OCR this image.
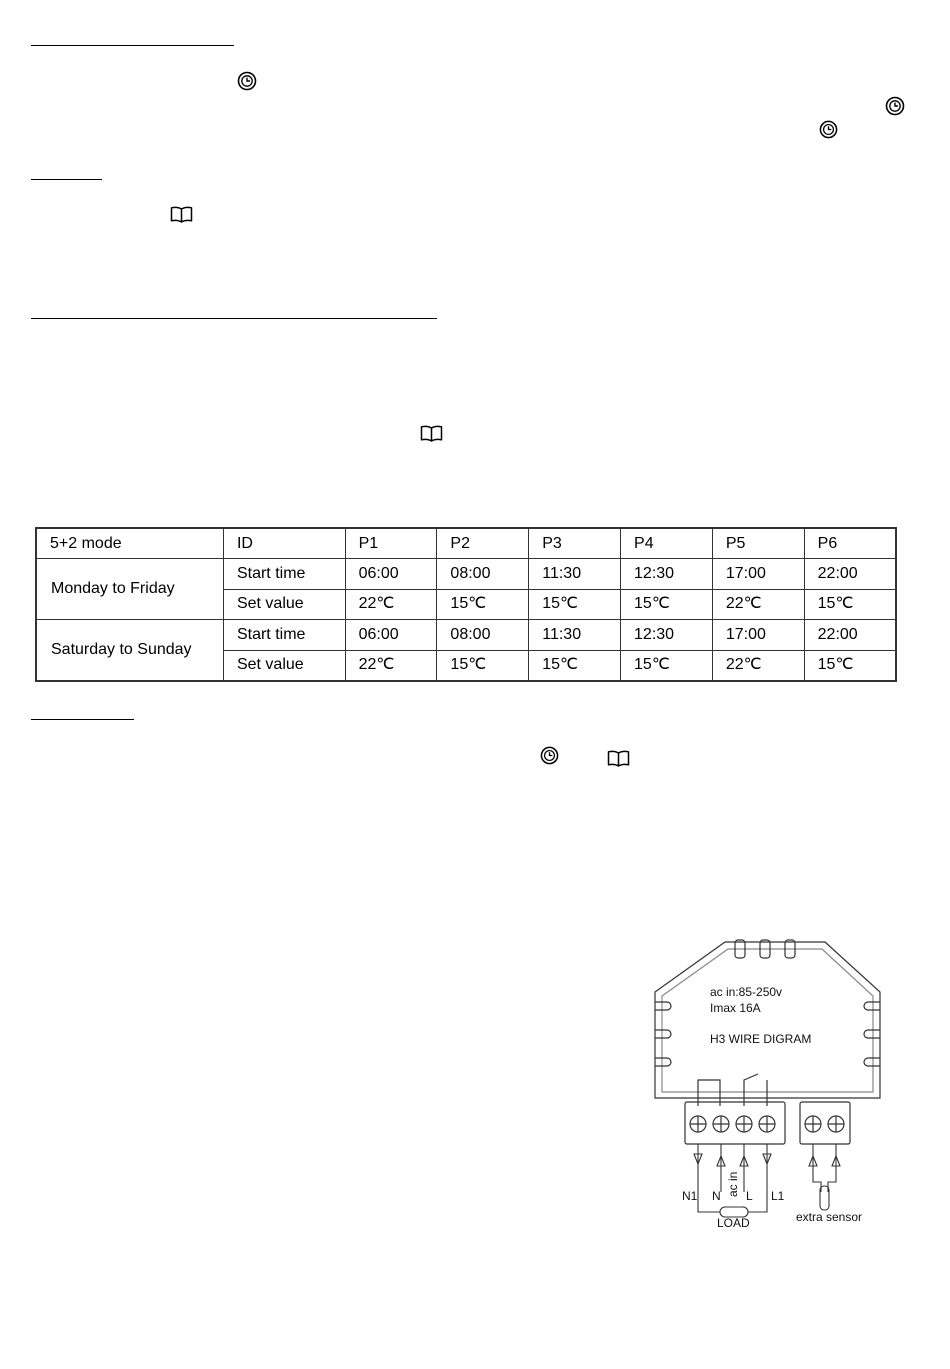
5+2 mode	ID	P1	P2	P3	P4	P5	P6
Monday to Friday	Start time	06:00	08:00	11:30	12:30	17:00	22:00
	Set value	22℃	15℃	15℃	15℃	22℃	15℃
Saturday to Sunday	Start time	06:00	08:00	11:30	12:30	17:00	22:00
	Set value	22℃	15℃	15℃	15℃	22℃	15℃
ac in:85-250v
Imax 16A
H3 WIRE DIGRAM
N1 N ac in L L1
LOAD	extra sensor
